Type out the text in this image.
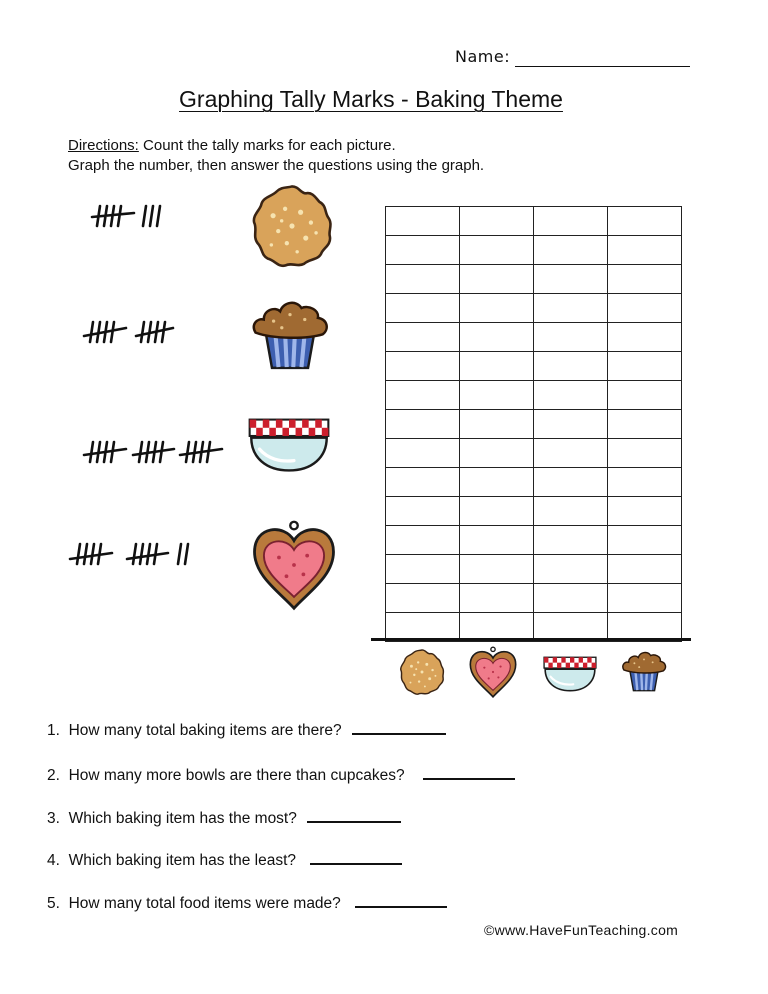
Name:
Graphing Tally Marks - Baking Theme
Directions: Count the tally marks for each picture.
Graph the number, then answer the questions using the graph.

1. How many total baking items are there?
2. How many more bowls are there than cupcakes?
3. Which baking item has the most?
4. Which baking item has the least?
5. How many total food items were made?
©www.HaveFunTeaching.com
